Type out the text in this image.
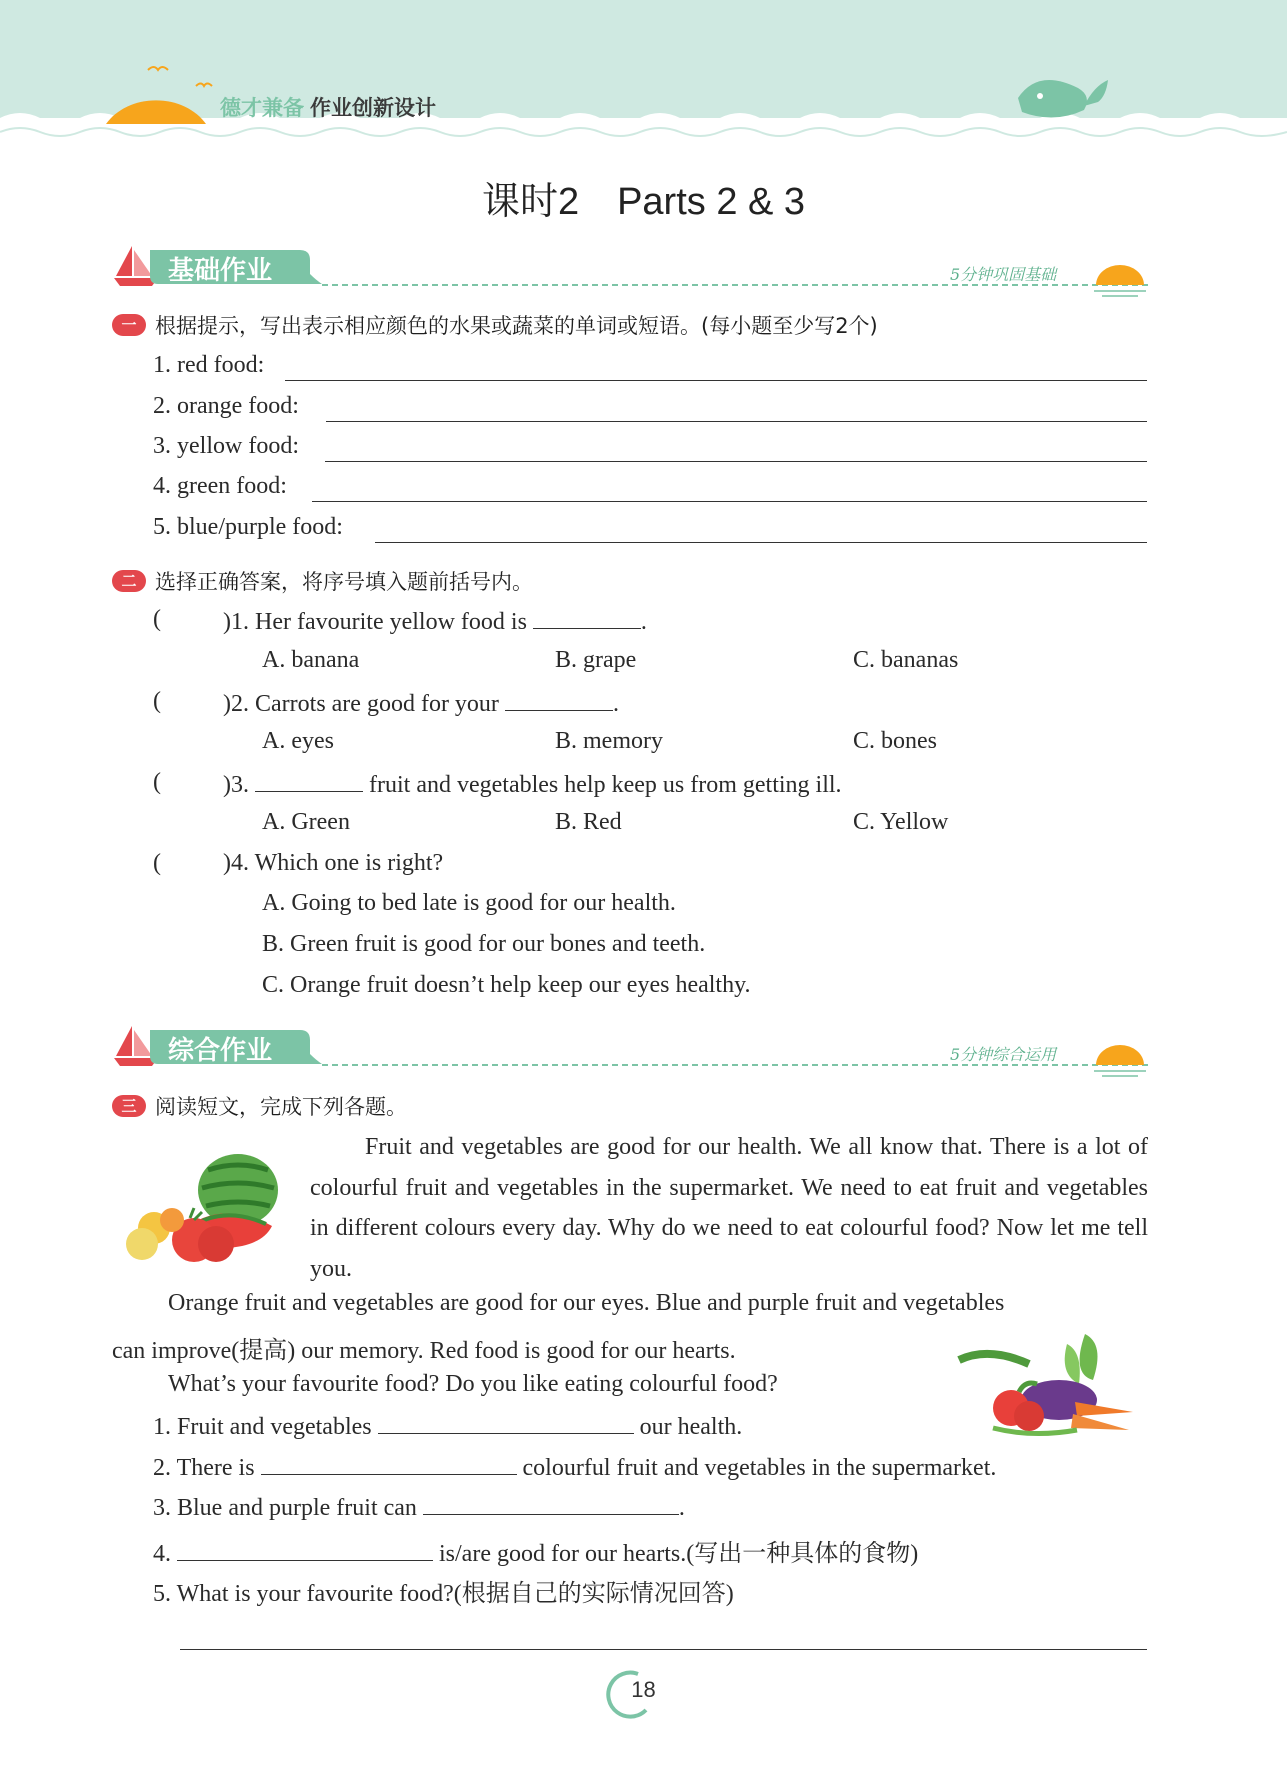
德才兼备 作业创新设计
课时2　Parts 2 & 3
基础作业	5分钟巩固基础
一 根据提示，写出表示相应颜色的水果或蔬菜的单词或短语。(每小题至少写2个)
1. red food:
2. orange food:
3. yellow food:
4. green food:
5. blue/purple food:
二 选择正确答案，将序号填入题前括号内。
(	)1. Her favourite yellow food is	.
A. banana	B. grape	C. bananas
(	)2. Carrots are good for your	.
A. eyes	B. memory	C. bones
(	)3.	fruit and vegetables help keep us from getting ill.
A. Green	B. Red	C. Yellow
(	)4. Which one is right?
A. Going to bed late is good for our health.
B. Green fruit is good for our bones and teeth.
C. Orange fruit doesn’t help keep our eyes healthy.
综合作业	5分钟综合运用
三 阅读短文，完成下列各题。
Fruit and vegetables are good for our health. We all know that. There is a lot of colourful fruit and vegetables in the supermarket. We need to eat fruit and vegetables in different colours every day. Why do we need to eat colourful food? Now let me tell you.
Orange fruit and vegetables are good for our eyes. Blue and purple fruit and vegetables
can improve(提高) our memory. Red food is good for our hearts.
What’s your favourite food? Do you like eating colourful food?
1. Fruit and vegetables	our health.
2. There is	colourful fruit and vegetables in the supermarket.
3. Blue and purple fruit can	.
4.	is/are good for our hearts.(写出一种具体的食物)
5. What is your favourite food?(根据自己的实际情况回答)
18
